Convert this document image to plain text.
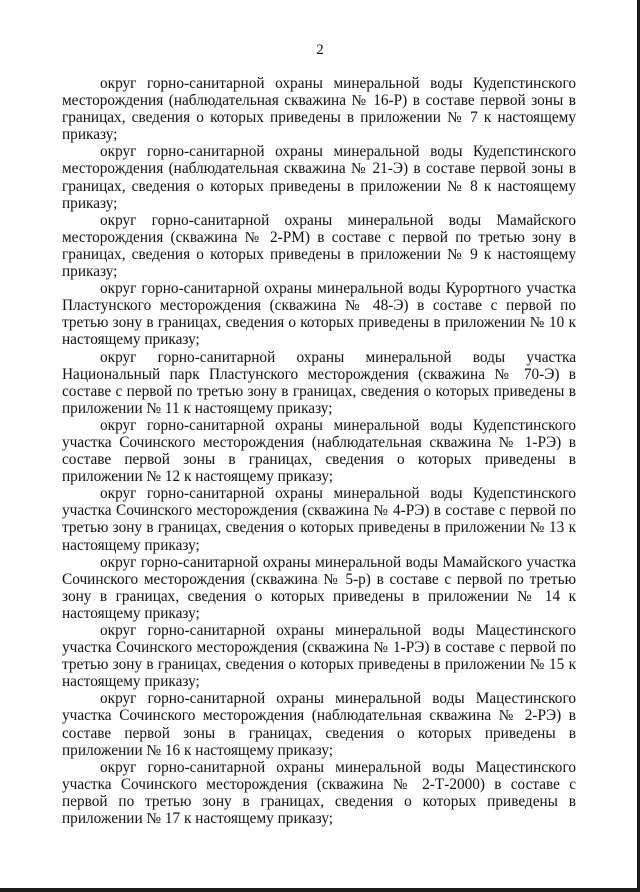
2

округ горно-санитарной охраны минеральной воды Кудепстинского месторождения (наблюдательная скважина № 16-Р) в составе первой зоны в границах, сведения о которых приведены в приложении № 7 к настоящему приказу;

округ горно-санитарной охраны минеральной воды Кудепстинского месторождения (наблюдательная скважина № 21-Э) в составе первой зоны в границах, сведения о которых приведены в приложении № 8 к настоящему приказу;

округ горно-санитарной охраны минеральной воды Мамайского месторождения (скважина № 2-РМ) в составе с первой по третью зону в границах, сведения о которых приведены в приложении № 9 к настоящему приказу;

округ горно-санитарной охраны минеральной воды Курортного участка Пластунского месторождения (скважина № 48-Э) в составе с первой по третью зону в границах, сведения о которых приведены в приложении № 10 к настоящему приказу;

округ горно-санитарной охраны минеральной воды участка Национальный парк Пластунского месторождения (скважина № 70-Э) в составе с первой по третью зону в границах, сведения о которых приведены в приложении № 11 к настоящему приказу;

округ горно-санитарной охраны минеральной воды Кудепстинского участка Сочинского месторождения (наблюдательная скважина № 1-РЭ) в составе первой зоны в границах, сведения о которых приведены в приложении № 12 к настоящему приказу;

округ горно-санитарной охраны минеральной воды Кудепстинского участка Сочинского месторождения (скважина № 4-РЭ) в составе с первой по третью зону в границах, сведения о которых приведены в приложении № 13 к настоящему приказу;

округ горно-санитарной охраны минеральной воды Мамайского участка Сочинского месторождения (скважина № 5-р) в составе с первой по третью зону в границах, сведения о которых приведены в приложении № 14 к настоящему приказу;

округ горно-санитарной охраны минеральной воды Мацестинского участка Сочинского месторождения (скважина № 1-РЭ) в составе с первой по третью зону в границах, сведения о которых приведены в приложении № 15 к настоящему приказу;

округ горно-санитарной охраны минеральной воды Мацестинского участка Сочинского месторождения (наблюдательная скважина № 2-РЭ) в составе первой зоны в границах, сведения о которых приведены в приложении № 16 к настоящему приказу;

округ горно-санитарной охраны минеральной воды Мацестинского участка Сочинского месторождения (скважина № 2-Т-2000) в составе с первой по третью зону в границах, сведения о которых приведены в приложении № 17 к настоящему приказу;
